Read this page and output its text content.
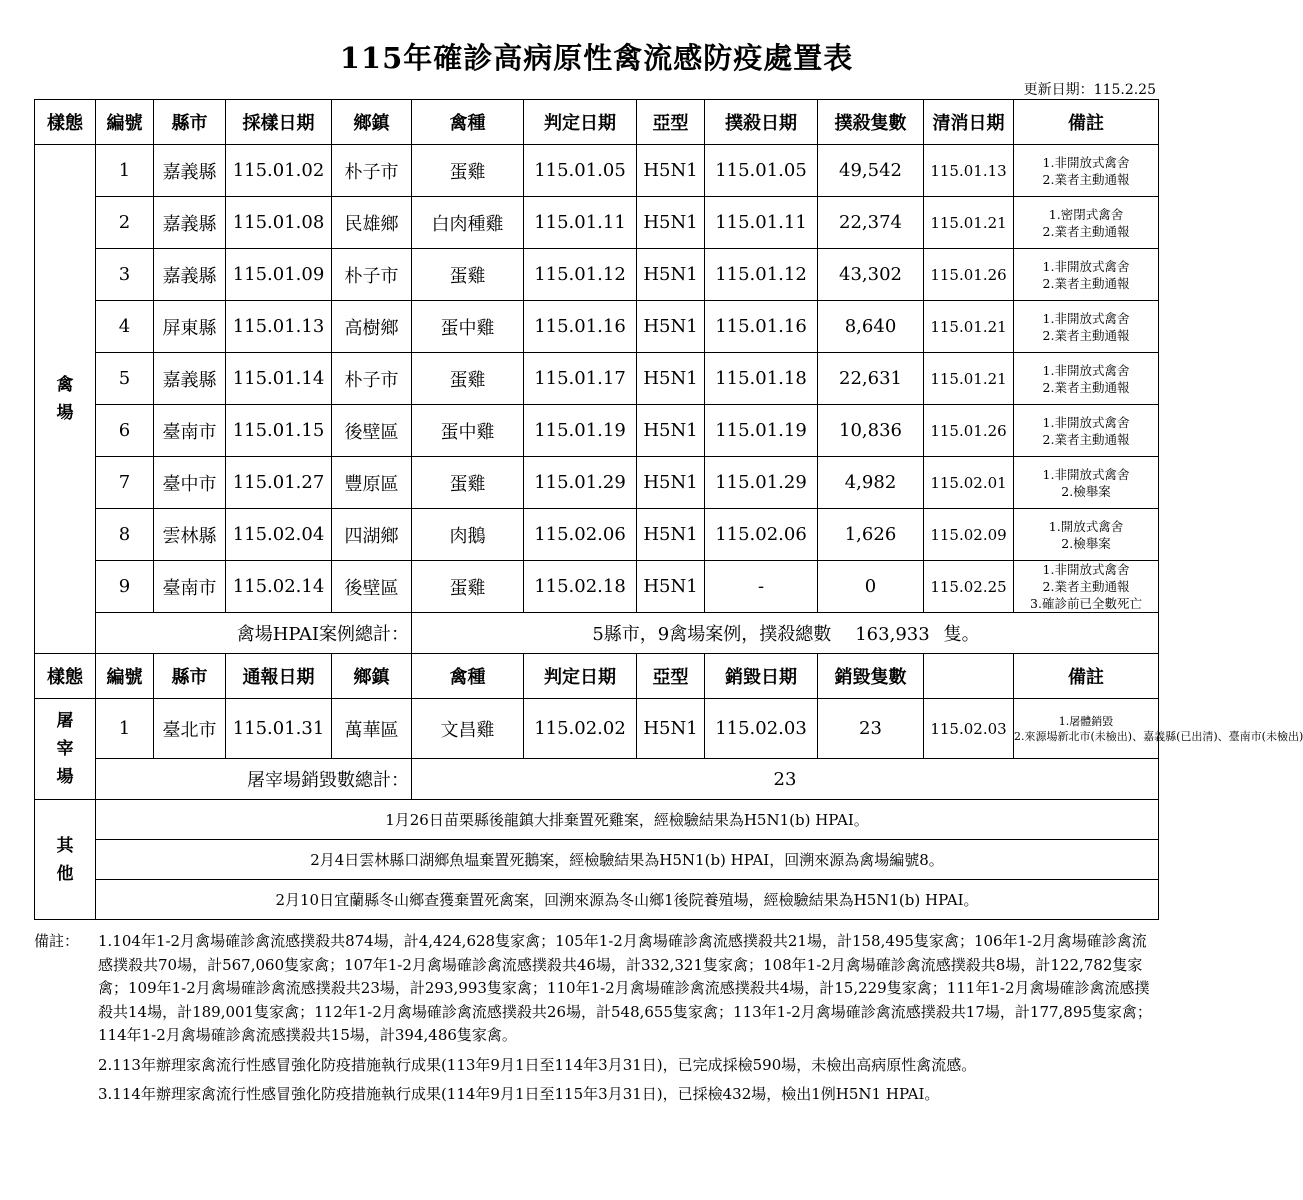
115年確診高病原性禽流感防疫處置表
更新日期：115.2.25
樣態	編號	縣市	採樣日期	鄉鎮	禽種	判定日期	亞型	撲殺日期	撲殺隻數	清消日期	備註
禽場	1	嘉義縣	115.01.02	朴子市	蛋雞	115.01.05	H5N1	115.01.05	49,542	115.01.13	1.非開放式禽舍
2.業者主動通報

	2	嘉義縣	115.01.08	民雄鄉	白肉種雞	115.01.11	H5N1	115.01.11	22,374	115.01.21	1.密閉式禽舍
2.業者主動通報

	3	嘉義縣	115.01.09	朴子市	蛋雞	115.01.12	H5N1	115.01.12	43,302	115.01.26	1.非開放式禽舍
2.業者主動通報

	4	屏東縣	115.01.13	高樹鄉	蛋中雞	115.01.16	H5N1	115.01.16	8,640	115.01.21	1.非開放式禽舍
2.業者主動通報

	5	嘉義縣	115.01.14	朴子市	蛋雞	115.01.17	H5N1	115.01.18	22,631	115.01.21	1.非開放式禽舍
2.業者主動通報

	6	臺南市	115.01.15	後壁區	蛋中雞	115.01.19	H5N1	115.01.19	10,836	115.01.26	1.非開放式禽舍
2.業者主動通報

	7	臺中市	115.01.27	豐原區	蛋雞	115.01.29	H5N1	115.01.29	4,982	115.02.01	1.非開放式禽舍
2.檢舉案

	8	雲林縣	115.02.04	四湖鄉	肉鵝	115.02.06	H5N1	115.02.06	1,626	115.02.09	1.開放式禽舍
2.檢舉案

	9	臺南市	115.02.14	後壁區	蛋雞	115.02.18	H5N1	-	0	115.02.25	1.非開放式禽舍
2.業者主動通報
3.確診前已全數死亡

	禽場HPAI案例總計：				5縣市，9禽場案例，撲殺總數 163,933 隻。						
樣態	編號	縣市	通報日期	鄉鎮	禽種	判定日期	亞型	銷毀日期	銷毀隻數		備註
屠宰場	1	臺北市	115.01.31	萬華區	文昌雞	115.02.02	H5N1	115.02.03	23	115.02.03	1.屠體銷毀
2.來源場新北市(未檢出)、嘉義縣(已出清)、臺南市(未檢出)

	屠宰場銷毀數總計：				23						
其他	1月26日苗栗縣後龍鎮大排棄置死雞案，經檢驗結果為H5N1(b) HPAI。										
	2月4日雲林縣口湖鄉魚塭棄置死鵝案，經檢驗結果為H5N1(b) HPAI，回溯來源為禽場編號8。										
	2月10日宜蘭縣冬山鄉查獲棄置死禽案，回溯來源為冬山鄉1後院養殖場，經檢驗結果為H5N1(b) HPAI。										
備註： 1.104年1-2月禽場確診禽流感撲殺共874場，計4,424,628隻家禽；105年1-2月禽場確診禽流感撲殺共21場，計158,495隻家禽；106年1-2月禽場確診禽流感撲殺共70場，計567,060隻家禽；107年1-2月禽場確診禽流感撲殺共46場，計332,321隻家禽；108年1-2月禽場確診禽流感撲殺共8場，計122,782隻家禽；109年1-2月禽場確診禽流感撲殺共23場，計293,993隻家禽；110年1-2月禽場確診禽流感撲殺共4場，計15,229隻家禽；111年1-2月禽場確診禽流感撲殺共14場，計189,001隻家禽；112年1-2月禽場確診禽流感撲殺共26場，計548,655隻家禽；113年1-2月禽場確診禽流感撲殺共17場，計177,895隻家禽；114年1-2月禽場確診禽流感撲殺共15場，計394,486隻家禽。
2.113年辦理家禽流行性感冒強化防疫措施執行成果(113年9月1日至114年3月31日)，已完成採檢590場，未檢出高病原性禽流感。
3.114年辦理家禽流行性感冒強化防疫措施執行成果(114年9月1日至115年3月31日)，已採檢432場，檢出1例H5N1 HPAI。
